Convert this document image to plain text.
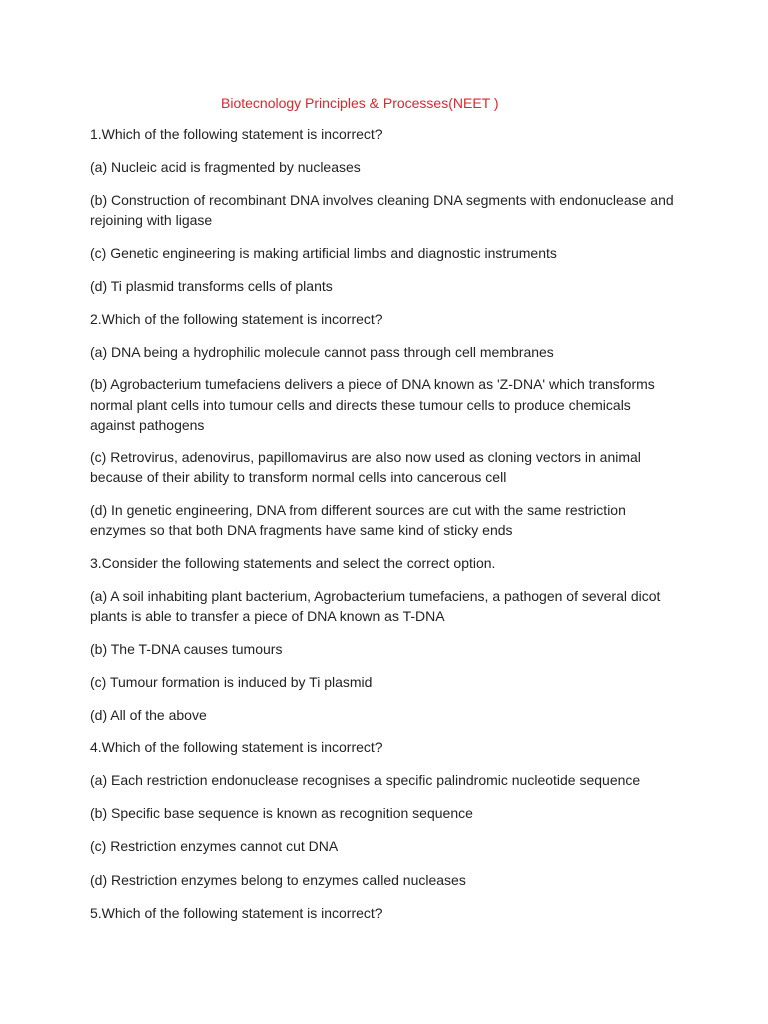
Biotecnology Principles & Processes(NEET )
1.Which of the following statement is incorrect?
(a) Nucleic acid is fragmented by nucleases
(b) Construction of recombinant DNA involves cleaning DNA segments with endonuclease and
rejoining with ligase
(c) Genetic engineering is making artificial limbs and diagnostic instruments
(d) Ti plasmid transforms cells of plants
2.Which of the following statement is incorrect?
(a) DNA being a hydrophilic molecule cannot pass through cell membranes
(b) Agrobacterium tumefaciens delivers a piece of DNA known as 'Z-DNA' which transforms
normal plant cells into tumour cells and directs these tumour cells to produce chemicals
against pathogens
(c) Retrovirus, adenovirus, papillomavirus are also now used as cloning vectors in animal
because of their ability to transform normal cells into cancerous cell
(d) In genetic engineering, DNA from different sources are cut with the same restriction
enzymes so that both DNA fragments have same kind of sticky ends
3.Consider the following statements and select the correct option.
(a) A soil inhabiting plant bacterium, Agrobacterium tumefaciens, a pathogen of several dicot
plants is able to transfer a piece of DNA known as T-DNA
(b) The T-DNA causes tumours
(c) Tumour formation is induced by Ti plasmid
(d) All of the above
4.Which of the following statement is incorrect?
(a) Each restriction endonuclease recognises a specific palindromic nucleotide sequence
(b) Specific base sequence is known as recognition sequence
(c) Restriction enzymes cannot cut DNA
(d) Restriction enzymes belong to enzymes called nucleases
5.Which of the following statement is incorrect?
